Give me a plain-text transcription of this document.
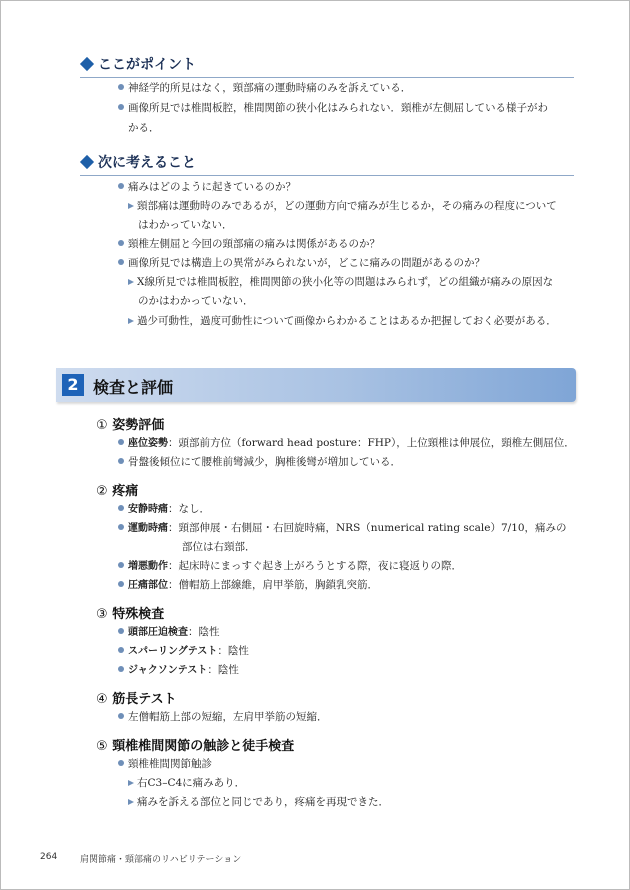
ここがポイント
神経学的所見はなく，頸部痛の運動時痛のみを訴えている．
画像所見では椎間板腔，椎間関節の狭小化はみられない．頸椎が左側屈している様子がわ
かる．
次に考えること
痛みはどのように起きているのか？
頸部痛は運動時のみであるが，どの運動方向で痛みが生じるか，その痛みの程度について
はわかっていない．
頸椎左側屈と今回の頸部痛の痛みは関係があるのか？
画像所見では構造上の異常がみられないが，どこに痛みの問題があるのか？
X線所見では椎間板腔，椎間関節の狭小化等の問題はみられず，どの組織が痛みの原因な
のかはわかっていない．
過少可動性，過度可動性について画像からわかることはあるか把握しておく必要がある．
2 検査と評価
① 姿勢評価
座位姿勢：頭部前方位（forward head posture：FHP），上位頸椎は伸展位，頸椎左側屈位．
骨盤後傾位にて腰椎前彎減少，胸椎後彎が増加している．
② 疼痛
安静時痛：なし．
運動時痛：頸部伸展・右側屈・右回旋時痛，NRS（numerical rating scale）7/10，痛みの
部位は右頸部．
増悪動作：起床時にまっすぐ起き上がろうとする際，夜に寝返りの際．
圧痛部位：僧帽筋上部線維，肩甲挙筋，胸鎖乳突筋．
③ 特殊検査
頭部圧迫検査：陰性
スパーリングテスト：陰性
ジャクソンテスト：陰性
④ 筋長テスト
左僧帽筋上部の短縮，左肩甲挙筋の短縮．
⑤ 頸椎椎間関節の触診と徒手検査
頸椎椎間関節触診
右C3–C4に痛みあり．
痛みを訴える部位と同じであり，疼痛を再現できた．
264	肩関節痛・頸部痛のリハビリテーション
